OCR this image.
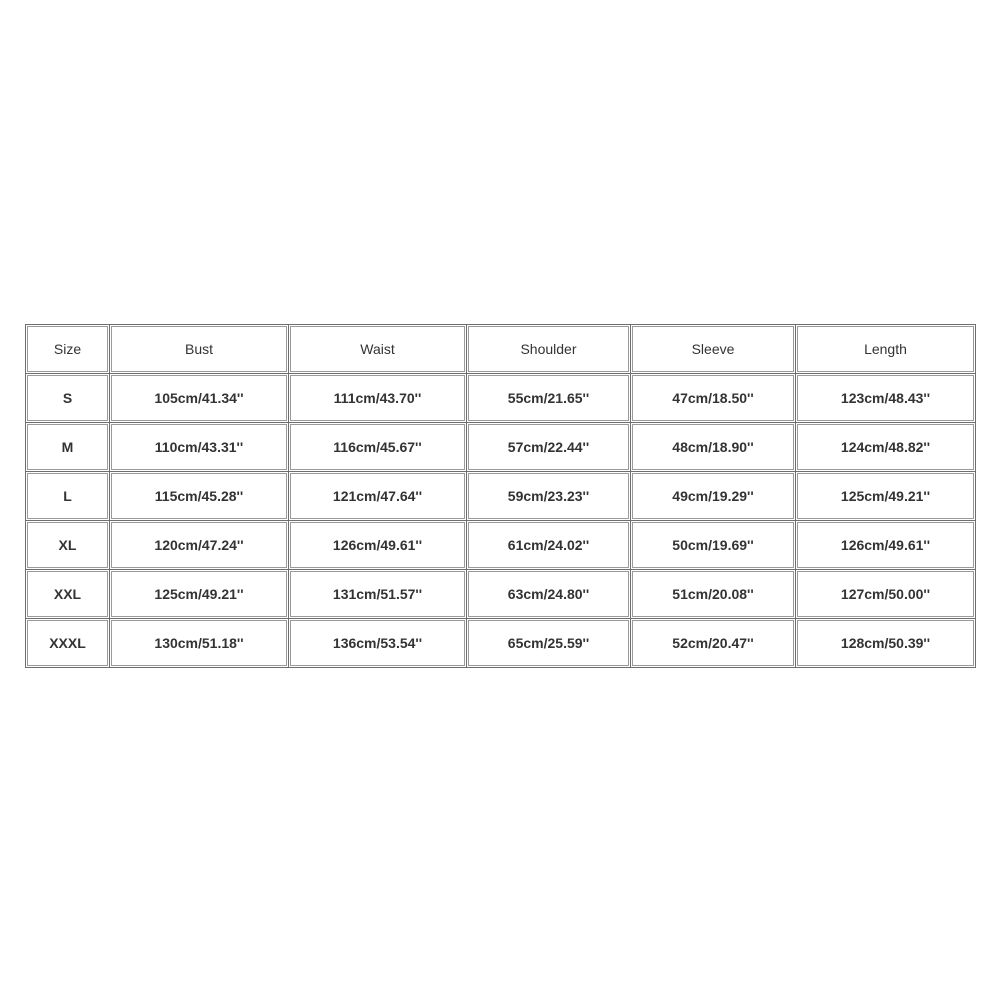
Size	Bust	Waist	Shoulder	Sleeve	Length
S	105cm/41.34''	111cm/43.70''	55cm/21.65''	47cm/18.50''	123cm/48.43''
M	110cm/43.31''	116cm/45.67''	57cm/22.44''	48cm/18.90''	124cm/48.82''
L	115cm/45.28''	121cm/47.64''	59cm/23.23''	49cm/19.29''	125cm/49.21''
XL	120cm/47.24''	126cm/49.61''	61cm/24.02''	50cm/19.69''	126cm/49.61''
XXL	125cm/49.21''	131cm/51.57''	63cm/24.80''	51cm/20.08''	127cm/50.00''
XXXL	130cm/51.18''	136cm/53.54''	65cm/25.59''	52cm/20.47''	128cm/50.39''
